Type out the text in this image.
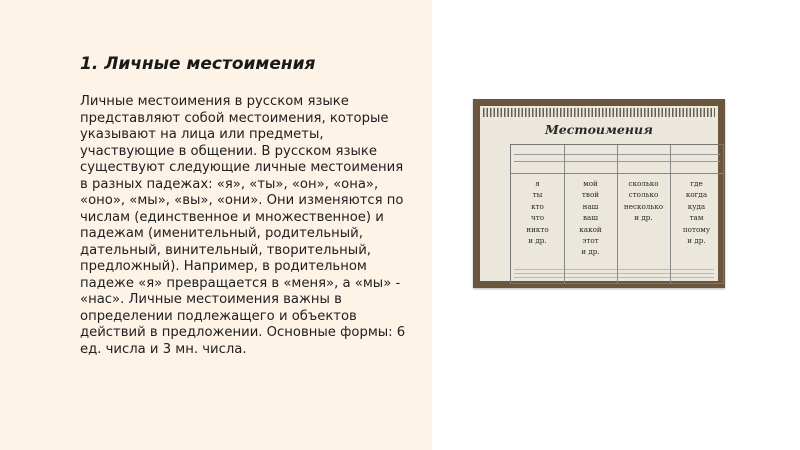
1. Личные местоимения

Личные местоимения в русском языке представляют собой местоимения, которые указывают на лица или предметы, участвующие в общении. В русском языке существуют следующие личные местоимения в разных падежах: «я», «ты», «он», «она», «оно», «мы», «вы», «они». Они изменяются по числам (единственное и множественное) и падежам (именительный, родительный, дательный, винительный, творительный, предложный). Например, в родительном падеже «я» превращается в «меня», а «мы» - «нас». Личные местоимения важны в определении подлежащего и объектов действий в предложении. Основные формы: 6 ед. числа и 3 мн. числа.

Местоимения
я
ты
кто
что
никто
и др.
мой
твой
наш
ваш
какой
этот
и др.
сколько
столько
несколько
и др.
где
когда
куда
там
потому
и др.
